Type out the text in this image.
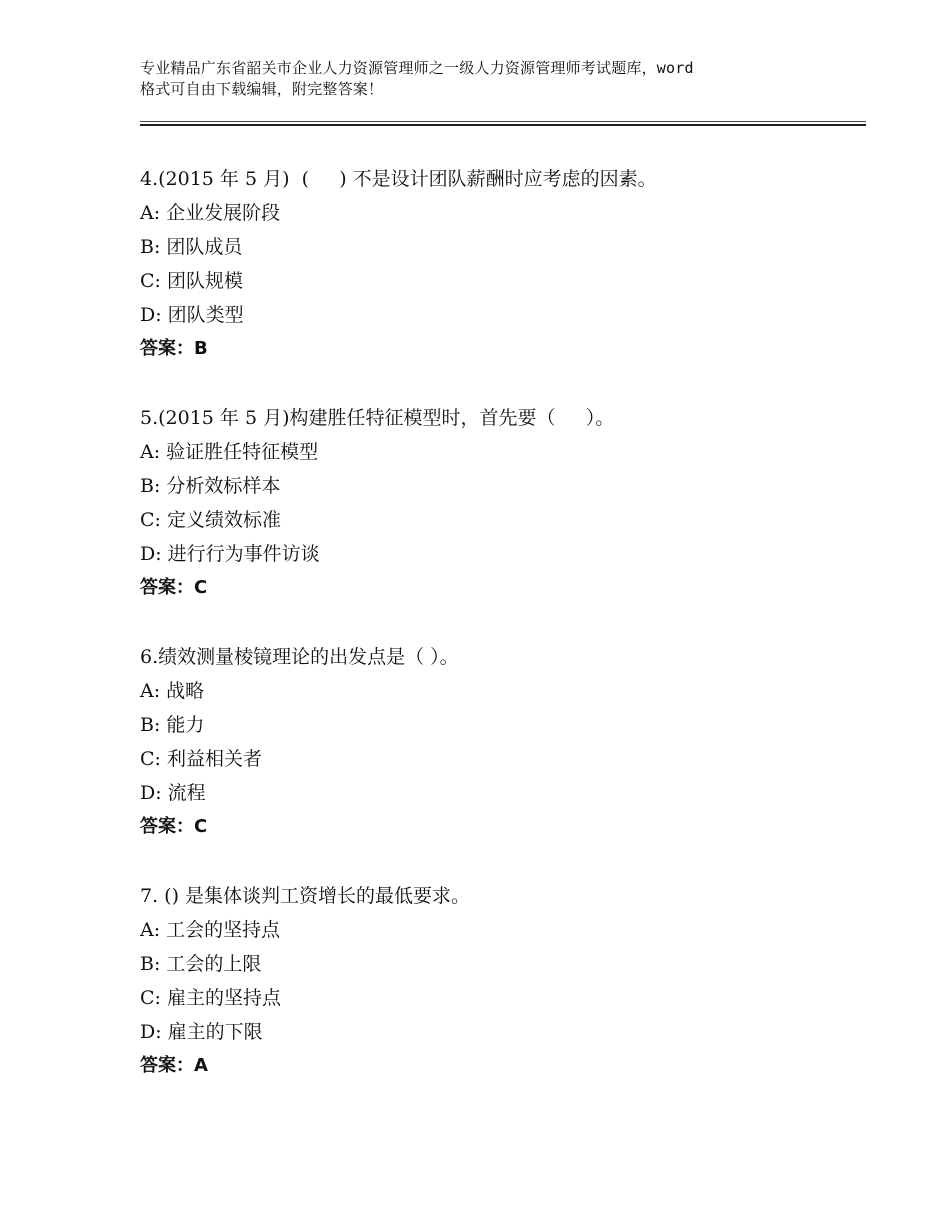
专业精品广东省韶关市企业人力资源管理师之一级人力资源管理师考试题库，word
格式可自由下载编辑，附完整答案！
4.(2015 年 5 月)  (     ) 不是设计团队薪酬时应考虑的因素。
A: 企业发展阶段
B: 团队成员
C: 团队规模
D: 团队类型
答案：B
5.(2015 年 5 月)构建胜任特征模型时，首先要（     ）。
A: 验证胜任特征模型
B: 分析效标样本
C: 定义绩效标准
D: 进行行为事件访谈
答案：C
6.绩效测量棱镜理论的出发点是（ ）。
A: 战略
B: 能力
C: 利益相关者
D: 流程
答案：C
7. () 是集体谈判工资增长的最低要求。
A: 工会的坚持点
B: 工会的上限
C: 雇主的坚持点
D: 雇主的下限
答案：A
